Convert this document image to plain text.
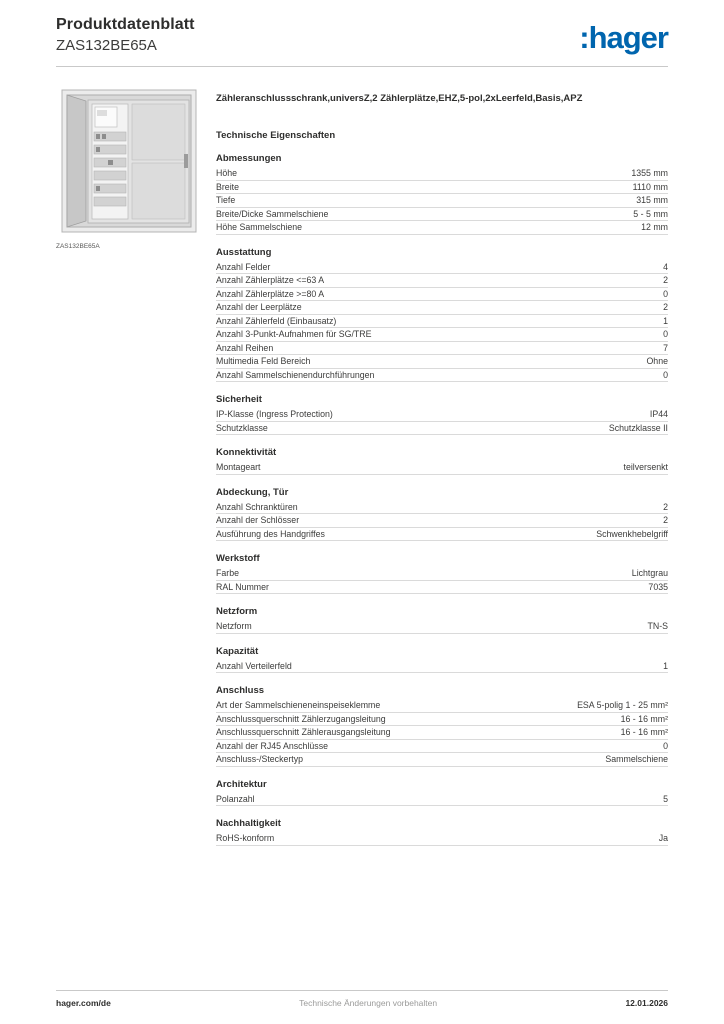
Produktdatenblatt
ZAS132BE65A	:hager
ZAS132BE65A
Zähleranschlussschrank,universZ,2 Zählerplätze,EHZ,5-pol,2xLeerfeld,Basis,APZ
Technische Eigenschaften
Abmessungen
Höhe	1355 mm
Breite	1110 mm
Tiefe	315 mm
Breite/Dicke Sammelschiene	5 - 5 mm
Höhe Sammelschiene	12 mm
Ausstattung
Anzahl Felder	4
Anzahl Zählerplätze <=63 A	2
Anzahl Zählerplätze >=80 A	0
Anzahl der Leerplätze	2
Anzahl Zählerfeld (Einbausatz)	1
Anzahl 3-Punkt-Aufnahmen für SG/TRE	0
Anzahl Reihen	7
Multimedia Feld Bereich	Ohne
Anzahl Sammelschienendurchführungen	0
Sicherheit
IP-Klasse (Ingress Protection)	IP44
Schutzklasse	Schutzklasse II
Konnektivität
Montageart	teilversenkt
Abdeckung, Tür
Anzahl Schranktüren	2
Anzahl der Schlösser	2
Ausführung des Handgriffes	Schwenkhebelgriff
Werkstoff
Farbe	Lichtgrau
RAL Nummer	7035
Netzform
Netzform	TN-S
Kapazität
Anzahl Verteilerfeld	1
Anschluss
Art der Sammelschieneneinspeiseklemme	ESA 5-polig 1 - 25 mm²
Anschlussquerschnitt Zählerzugangsleitung	16 - 16 mm²
Anschlussquerschnitt Zählerausgangsleitung	16 - 16 mm²
Anzahl der RJ45 Anschlüsse	0
Anschluss-/Steckertyp	Sammelschiene
Architektur
Polanzahl	5
Nachhaltigkeit
RoHS-konform	Ja
hager.com/de	Technische Änderungen vorbehalten	12.01.2026
